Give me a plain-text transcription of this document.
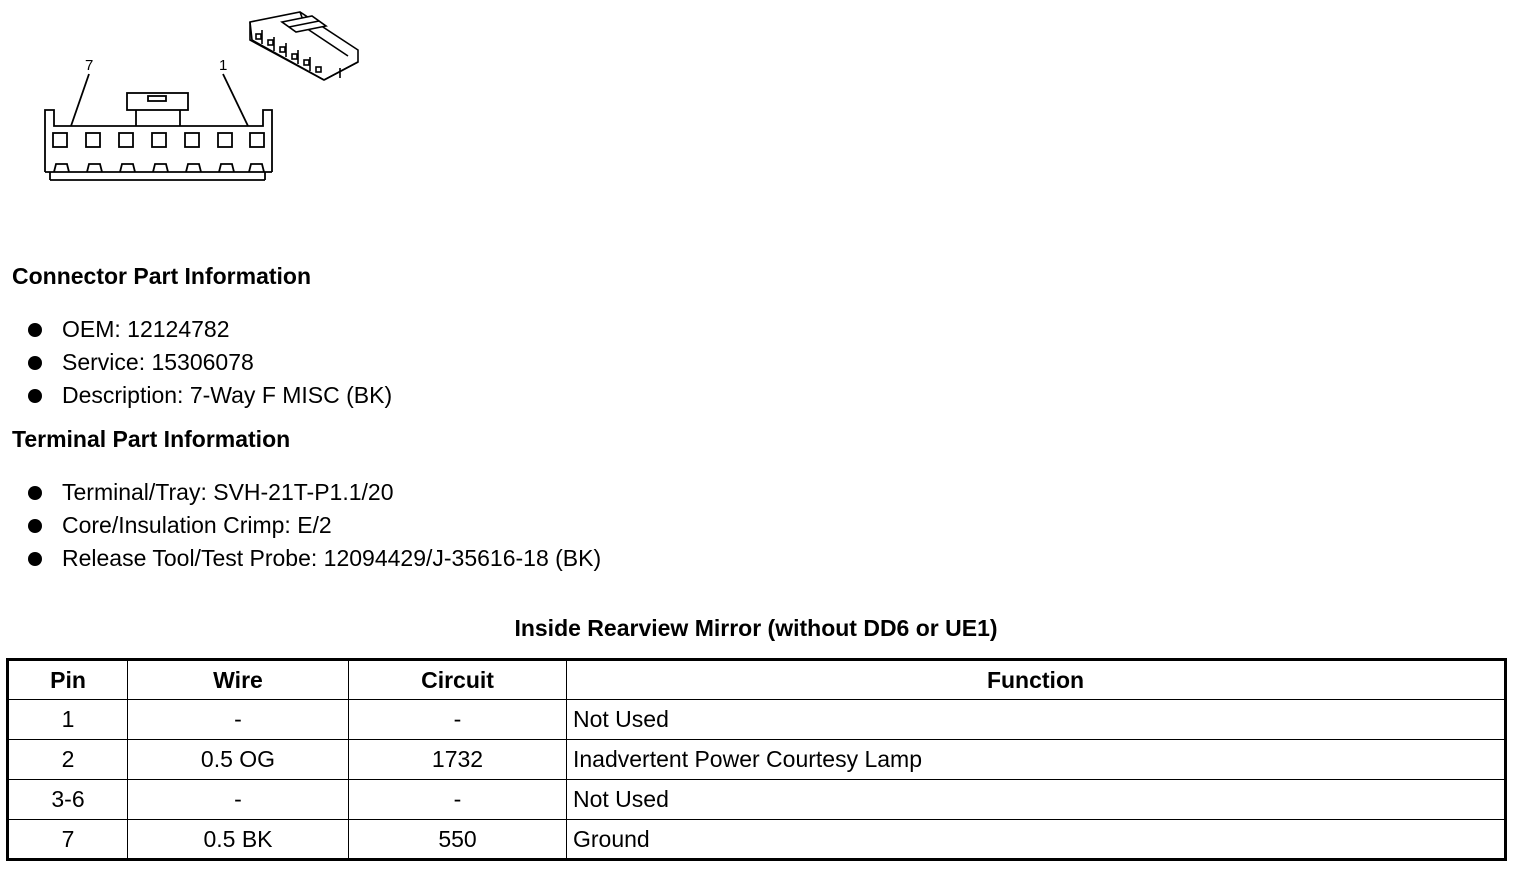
7	1
Connector Part Information
OEM: 12124782
Service: 15306078
Description: 7-Way F MISC (BK)
Terminal Part Information
Terminal/Tray: SVH-21T-P1.1/20
Core/Insulation Crimp: E/2
Release Tool/Test Probe: 12094429/J-35616-18 (BK)
Inside Rearview Mirror (without DD6 or UE1)
Pin	Wire	Circuit	Function
1	-	-	Not Used
2	0.5 OG	1732	Inadvertent Power Courtesy Lamp
3-6	-	-	Not Used
7	0.5 BK	550	Ground
